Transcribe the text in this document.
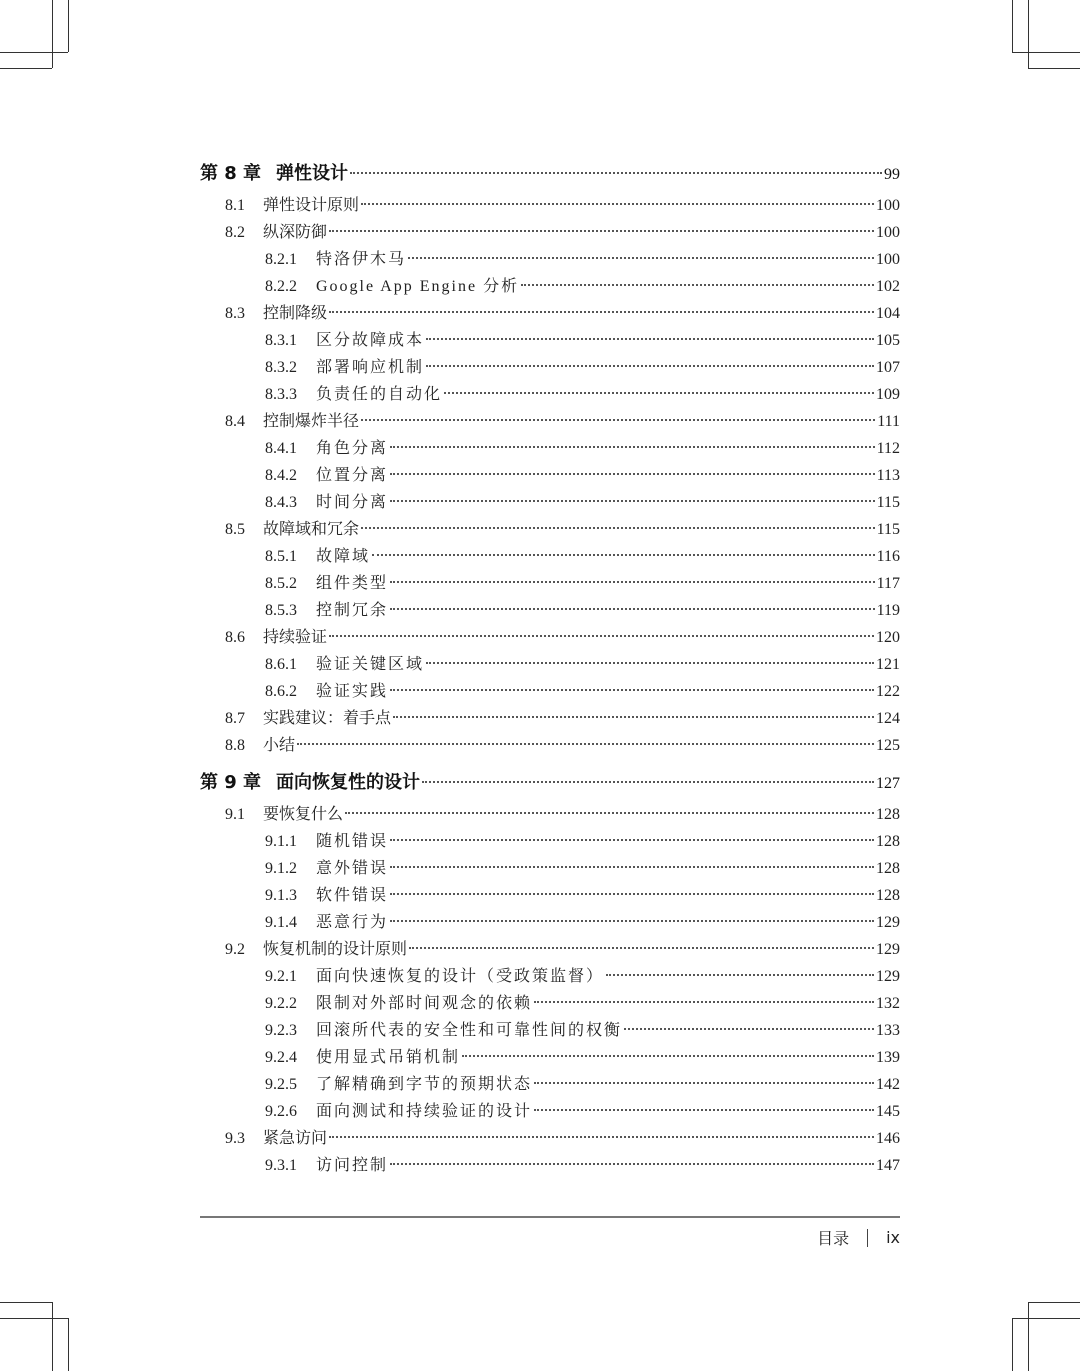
第 8 章 弹性设计	99
8.1	弹性设计原则	100
8.2	纵深防御	100
8.2.1	特洛伊木马	100
8.2.2	Google App Engine 分析	102
8.3	控制降级	104
8.3.1	区分故障成本	105
8.3.2	部署响应机制	107
8.3.3	负责任的自动化	109
8.4	控制爆炸半径	111
8.4.1	角色分离	112
8.4.2	位置分离	113
8.4.3	时间分离	115
8.5	故障域和冗余	115
8.5.1	故障域	116
8.5.2	组件类型	117
8.5.3	控制冗余	119
8.6	持续验证	120
8.6.1	验证关键区域	121
8.6.2	验证实践	122
8.7	实践建议：着手点	124
8.8	小结	125
第 9 章 面向恢复性的设计	127
9.1	要恢复什么	128
9.1.1	随机错误	128
9.1.2	意外错误	128
9.1.3	软件错误	128
9.1.4	恶意行为	129
9.2	恢复机制的设计原则	129
9.2.1	面向快速恢复的设计（受政策监督）	129
9.2.2	限制对外部时间观念的依赖	132
9.2.3	回滚所代表的安全性和可靠性间的权衡	133
9.2.4	使用显式吊销机制	139
9.2.5	了解精确到字节的预期状态	142
9.2.6	面向测试和持续验证的设计	145
9.3	紧急访问	146
9.3.1	访问控制	147
目录 ix
